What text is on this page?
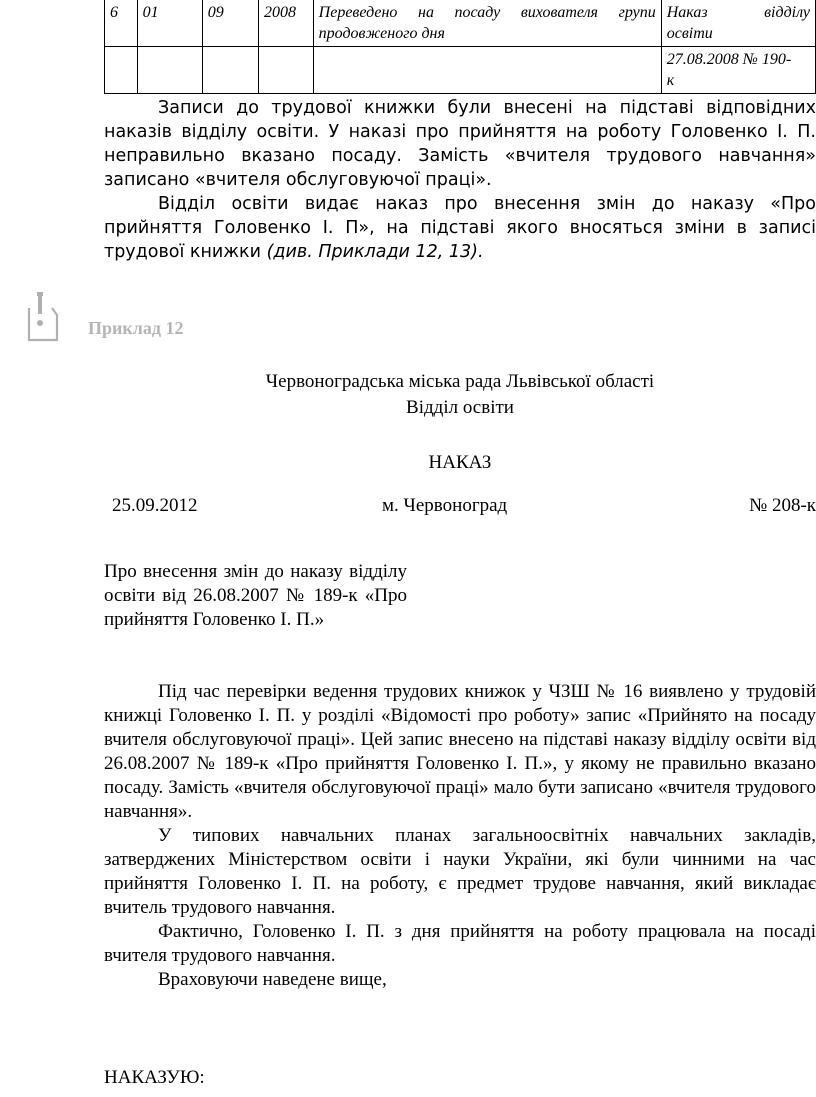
6	01	09	2008	Переведено на посаду вихователя групи продовженого дня	Наказ відділу
освіти

					27.08.2008 № 190-
к

Записи до трудової книжки були внесені на підставі відповідних наказів відділу освіти. У наказі про прийняття на роботу Головенко І. П. неправильно вказано посаду. Замість «вчителя трудового навчання» записано «вчителя обслуговуючої праці».

Відділ освіти видає наказ про внесення змін до наказу «Про прийняття Головенко І. П», на підставі якого вносяться зміни в записі трудової книжки (див. Приклади 12, 13).

Приклад 12
Червоноградська міська рада Львівської області
Відділ освіти
НАКАЗ
25.09.2012	м. Червоноград	№ 208-к
Про внесення змін до наказу відділу освіти від 26.08.2007 № 189-к «Про прийняття Головенко І. П.»

Під час перевірки ведення трудових книжок у ЧЗШ № 16 виявлено у трудовій книжці Головенко І. П. у розділі «Відомості про роботу» запис «Прийнято на посаду вчителя обслуговуючої праці». Цей запис внесено на підставі наказу відділу освіти від 26.08.2007 № 189-к «Про прийняття Головенко І. П.», у якому не правильно вказано посаду. Замість «вчителя обслуговуючої праці» мало бути записано «вчителя трудового навчання».

У типових навчальних планах загальноосвітніх навчальних закладів, затверджених Міністерством освіти і науки України, які були чинними на час прийняття Головенко І. П. на роботу, є предмет трудове навчання, який викладає вчитель трудового навчання.

Фактично, Головенко І. П. з дня прийняття на роботу працювала на посаді вчителя трудового навчання.

Враховуючи наведене вище,

НАКАЗУЮ:
